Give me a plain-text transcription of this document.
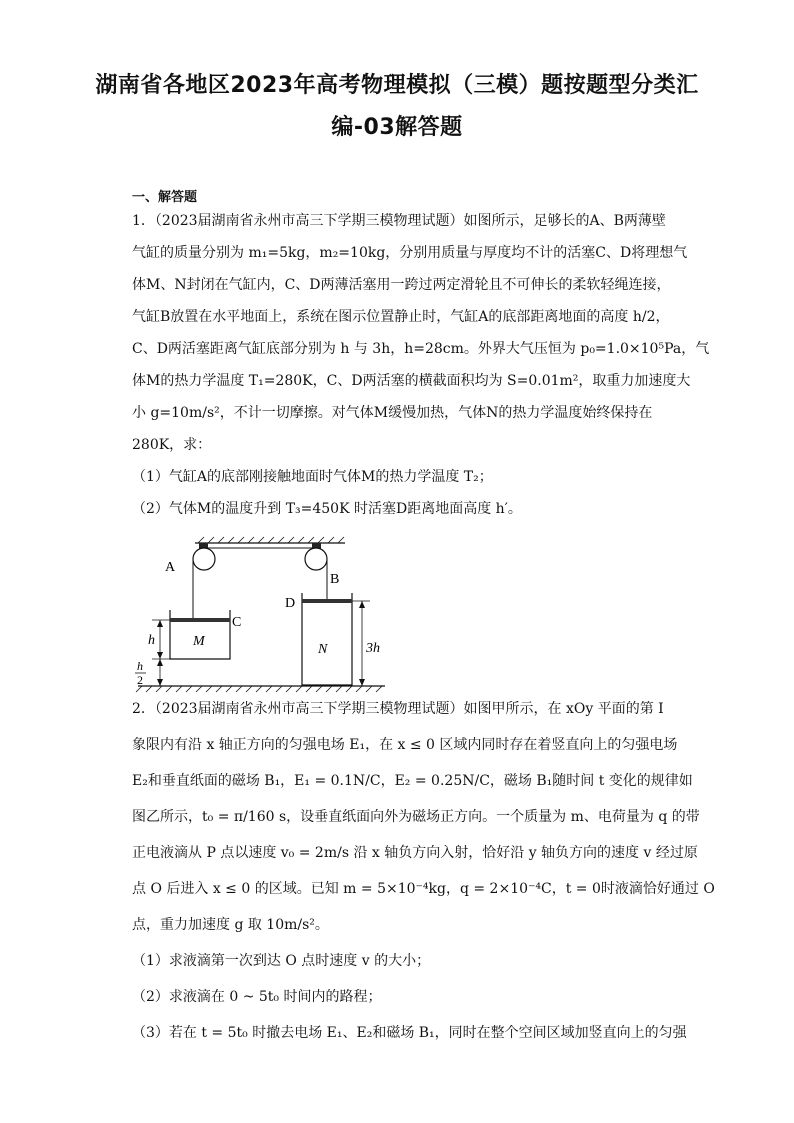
湖南省各地区2023年高考物理模拟（三模）题按题型分类汇
编-03解答题
一、解答题
1．（2023届湖南省永州市高三下学期三模物理试题）如图所示，足够长的A、B两薄壁
气缸的质量分别为 m₁=5kg，m₂=10kg，分别用质量与厚度均不计的活塞C、D将理想气
体M、N封闭在气缸内，C、D两薄活塞用一跨过两定滑轮且不可伸长的柔软轻绳连接，
气缸B放置在水平地面上，系统在图示位置静止时，气缸A的底部距离地面的高度 h/2，
C、D两活塞距离气缸底部分别为 h 与 3h，h=28cm。外界大气压恒为 p₀=1.0×10⁵Pa，气
体M的热力学温度 T₁=280K，C、D两活塞的横截面积均为 S=0.01m²，取重力加速度大
小 g=10m/s²，不计一切摩擦。对气体M缓慢加热，气体N的热力学温度始终保持在
280K，求：
（1）气缸A的底部刚接触地面时气体M的热力学温度 T₂；
（2）气体M的温度升到 T₃=450K 时活塞D距离地面高度 h′。
A
B
C
D
M
N
h
h
2
3h
2．（2023届湖南省永州市高三下学期三模物理试题）如图甲所示，在 xOy 平面的第 I
象限内有沿 x 轴正方向的匀强电场 E₁，在 x ≤ 0 区域内同时存在着竖直向上的匀强电场
E₂和垂直纸面的磁场 B₁，E₁ = 0.1N/C，E₂ = 0.25N/C，磁场 B₁随时间 t 变化的规律如
图乙所示，t₀ = π/160 s，设垂直纸面向外为磁场正方向。一个质量为 m、电荷量为 q 的带
正电液滴从 P 点以速度 v₀ = 2m/s 沿 x 轴负方向入射，恰好沿 y 轴负方向的速度 v 经过原
点 O 后进入 x ≤ 0 的区域。已知 m = 5×10⁻⁴kg，q = 2×10⁻⁴C，t = 0时液滴恰好通过 O
点，重力加速度 g 取 10m/s²。
（1）求液滴第一次到达 O 点时速度 v 的大小；
（2）求液滴在 0 ~ 5t₀ 时间内的路程；
（3）若在 t = 5t₀ 时撤去电场 E₁、E₂和磁场 B₁，同时在整个空间区域加竖直向上的匀强
